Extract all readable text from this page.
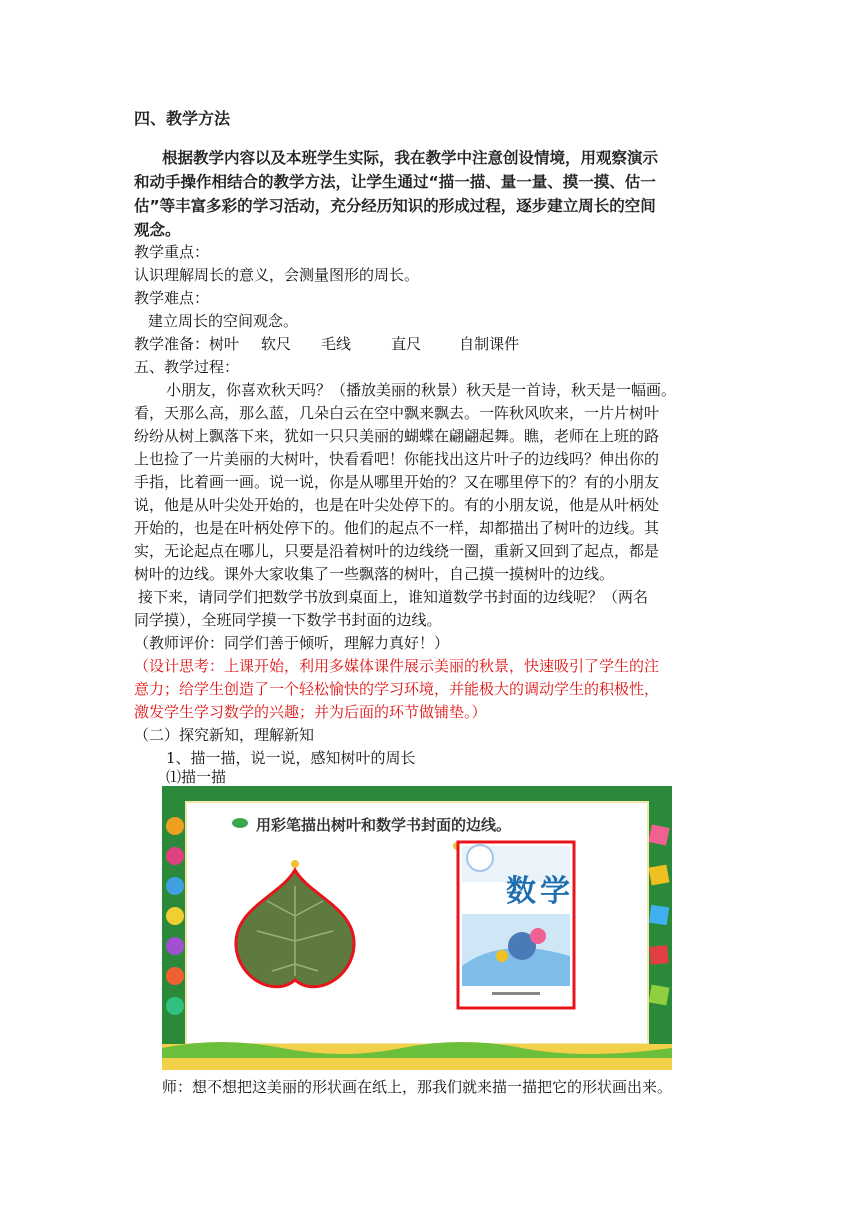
四、教学方法
根据教学内容以及本班学生实际，我在教学中注意创设情境，用观察演示
和动手操作相结合的教学方法，让学生通过“描一描、量一量、摸一摸、估一
估”等丰富多彩的学习活动，充分经历知识的形成过程，逐步建立周长的空间
观念。
教学重点：
认识理解周长的意义，会测量图形的周长。
教学难点：
建立周长的空间观念。
教学准备：树叶 软尺 毛线	直尺	自制课件
五、教学过程：
小朋友，你喜欢秋天吗？（播放美丽的秋景）秋天是一首诗，秋天是一幅画。
看，天那么高，那么蓝，几朵白云在空中飘来飘去。一阵秋风吹来，一片片树叶
纷纷从树上飘落下来，犹如一只只美丽的蝴蝶在翩翩起舞。瞧，老师在上班的路
上也捡了一片美丽的大树叶，快看看吧！你能找出这片叶子的边线吗？伸出你的
手指，比着画一画。说一说，你是从哪里开始的？又在哪里停下的？有的小朋友
说，他是从叶尖处开始的，也是在叶尖处停下的。有的小朋友说，他是从叶柄处
开始的，也是在叶柄处停下的。他们的起点不一样，却都描出了树叶的边线。其
实，无论起点在哪儿，只要是沿着树叶的边线绕一圈，重新又回到了起点，都是
树叶的边线。课外大家收集了一些飘落的树叶，自己摸一摸树叶的边线。
接下来，请同学们把数学书放到桌面上，谁知道数学书封面的边线呢？（两名
同学摸），全班同学摸一下数学书封面的边线。
（教师评价：同学们善于倾听，理解力真好！）
（设计思考：上课开始，利用多媒体课件展示美丽的秋景，快速吸引了学生的注
意力；给学生创造了一个轻松愉快的学习环境，并能极大的调动学生的积极性，
激发学生学习数学的兴趣；并为后面的环节做铺垫。）
（二）探究新知，理解新知
1、描一描，说一说，感知树叶的周长
⑴描一描
用彩笔描出树叶和数学书封面的边线。
数学
师：想不想把这美丽的形状画在纸上，那我们就来描一描把它的形状画出来。
